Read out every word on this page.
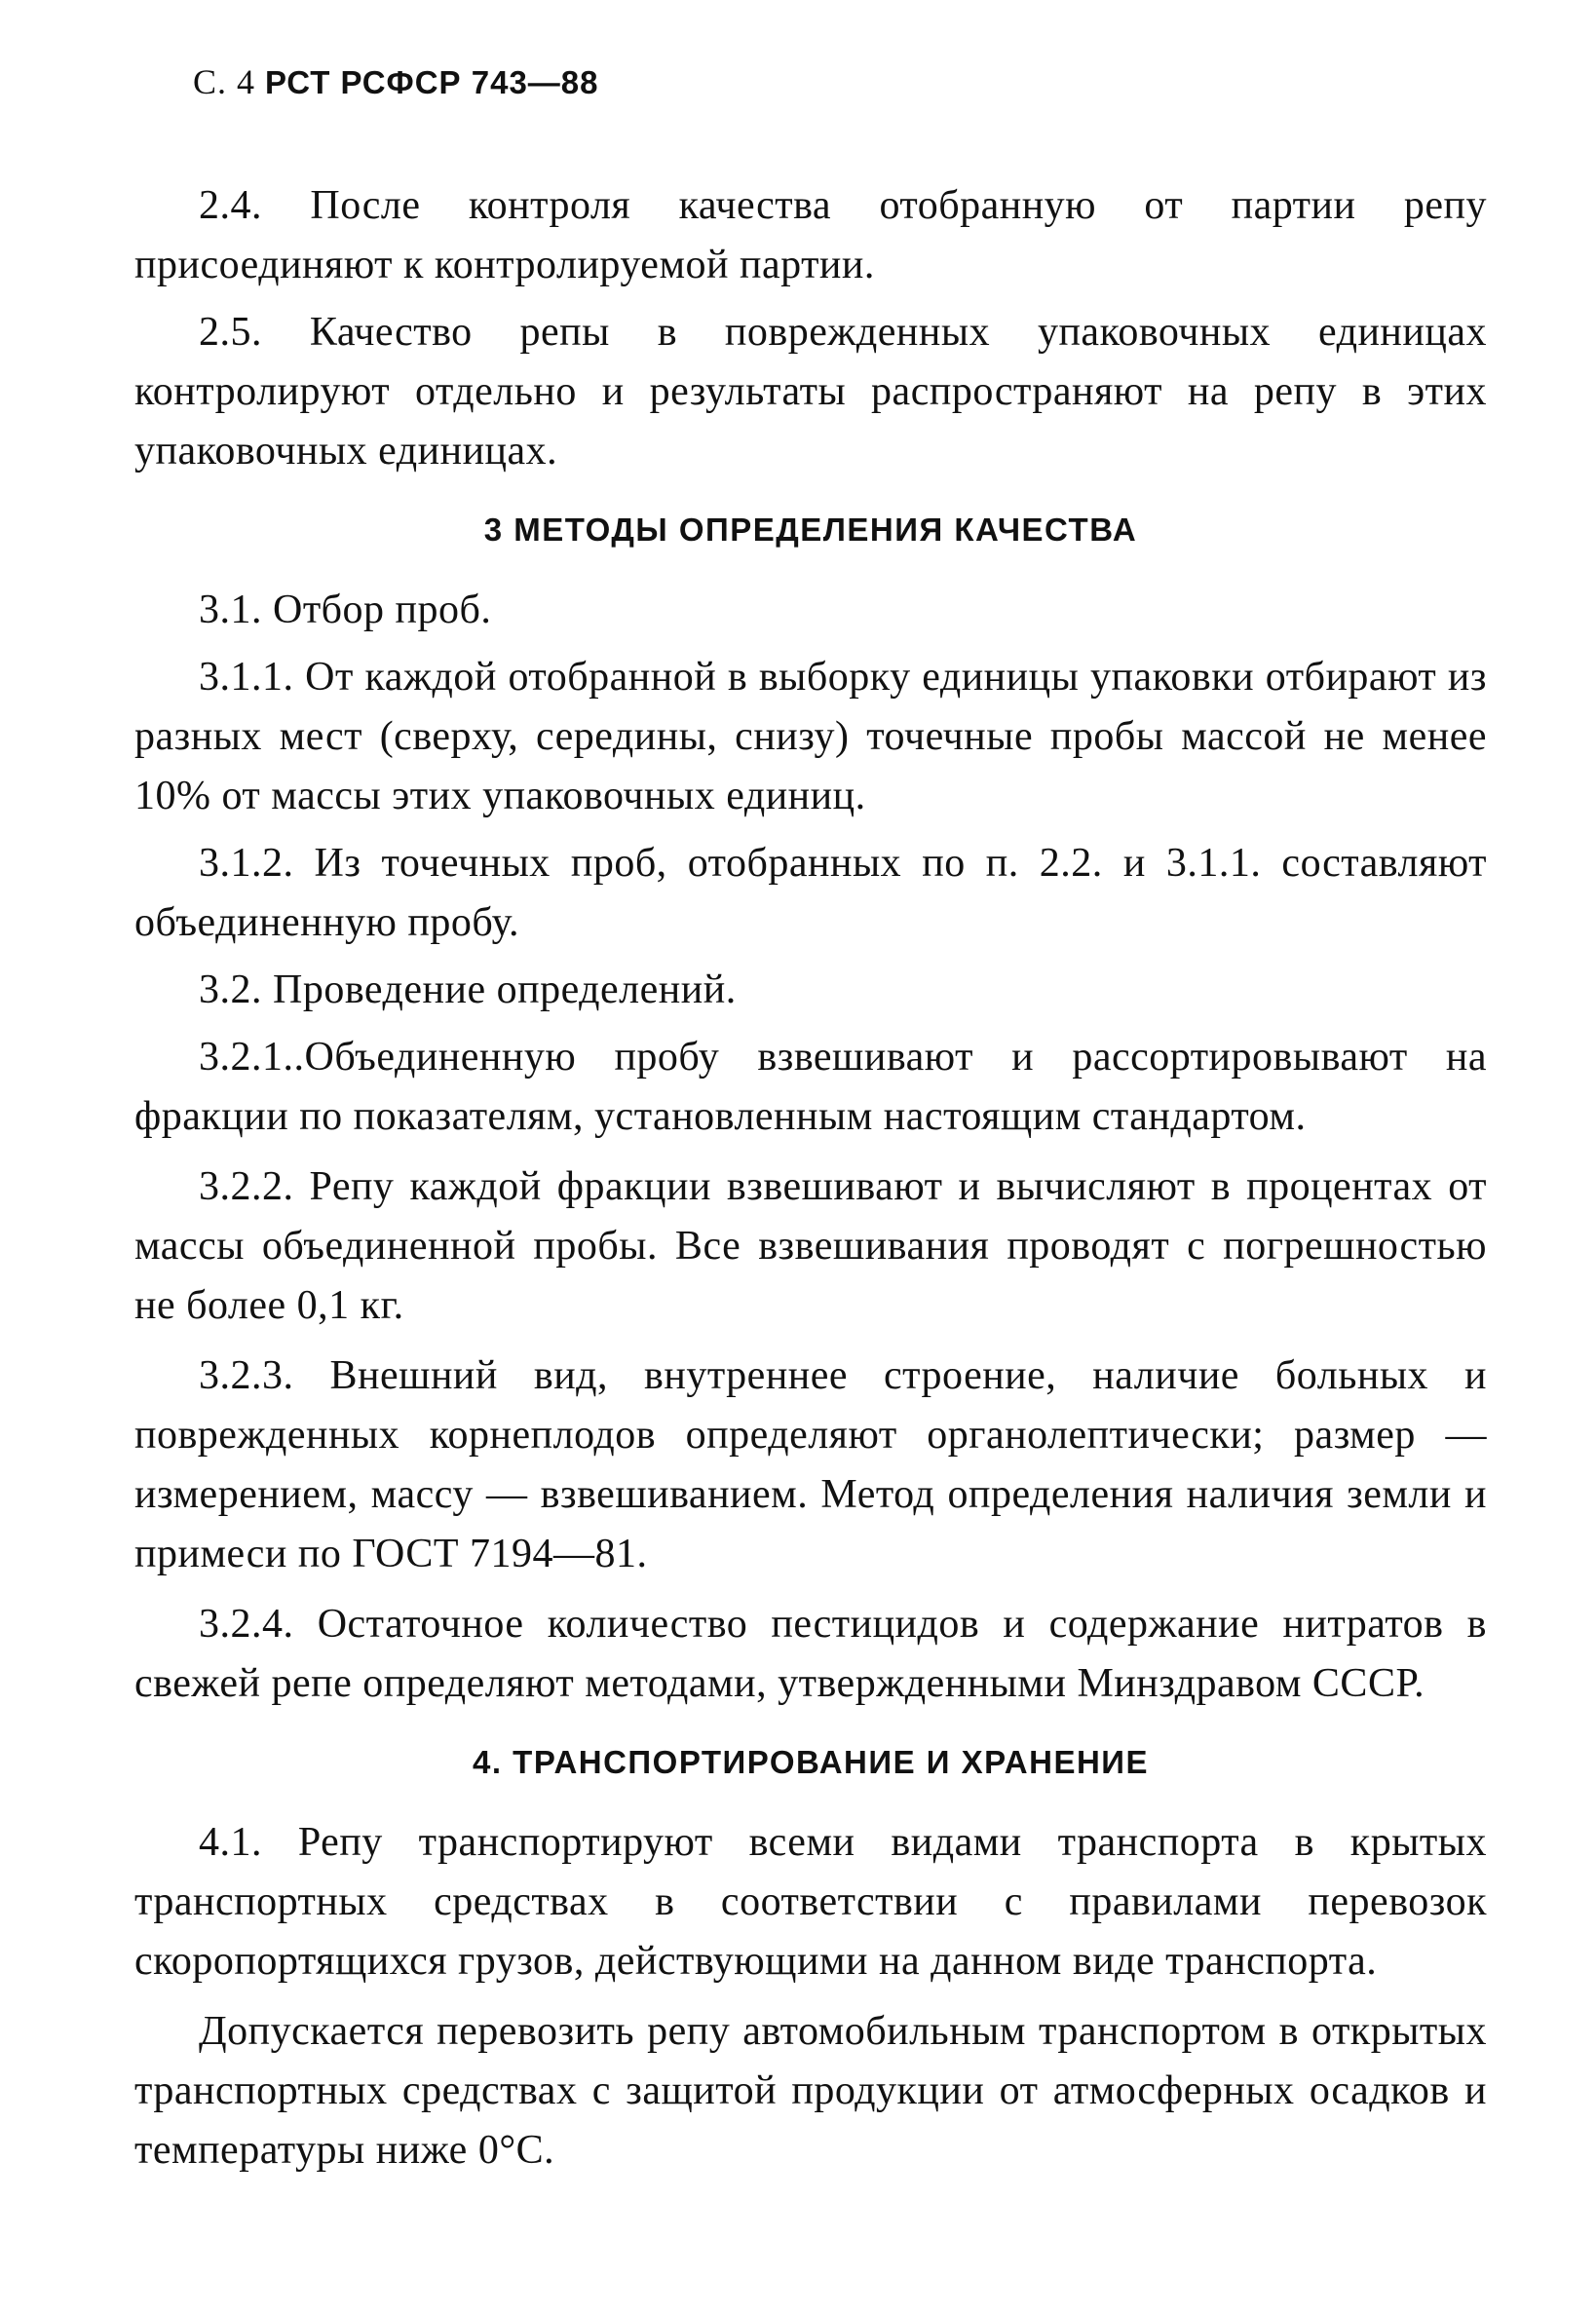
С. 4 РСТ РСФСР 743—88

2.4. После контроля качества отобранную от партии репу присоединяют к контролируемой партии.

2.5. Качество репы в поврежденных упаковочных единицах контролируют отдельно и результаты распространяют на репу в этих упаковочных единицах.

3 МЕТОДЫ ОПРЕДЕЛЕНИЯ КАЧЕСТВА

3.1. Отбор проб.

3.1.1. От каждой отобранной в выборку единицы упаковки отбирают из разных мест (сверху, середины, снизу) точечные пробы массой не менее 10% от массы этих упаковочных единиц.

3.1.2. Из точечных проб, отобранных по п. 2.2. и 3.1.1. составляют объединенную пробу.

3.2. Проведение определений.

3.2.1..Объединенную пробу взвешивают и рассортировывают на фракции по показателям, установленным настоящим стандартом.

3.2.2. Репу каждой фракции взвешивают и вычисляют в процентах от массы объединенной пробы. Все взвешивания проводят с погрешностью не более 0,1 кг.

3.2.3. Внешний вид, внутреннее строение, наличие больных и поврежденных корнеплодов определяют органолептически; размер — измерением, массу — взвешиванием. Метод определения наличия земли и примеси по ГОСТ 7194—81.

3.2.4. Остаточное количество пестицидов и содержание нитратов в свежей репе определяют методами, утвержденными Минздравом СССР.

4. ТРАНСПОРТИРОВАНИЕ И ХРАНЕНИЕ

4.1. Репу транспортируют всеми видами транспорта в крытых транспортных средствах в соответствии с правилами перевозок скоропортящихся грузов, действующими на данном виде транспорта.

Допускается перевозить репу автомобильным транспортом в открытых транспортных средствах с защитой продукции от атмосферных осадков и температуры ниже 0°С.
